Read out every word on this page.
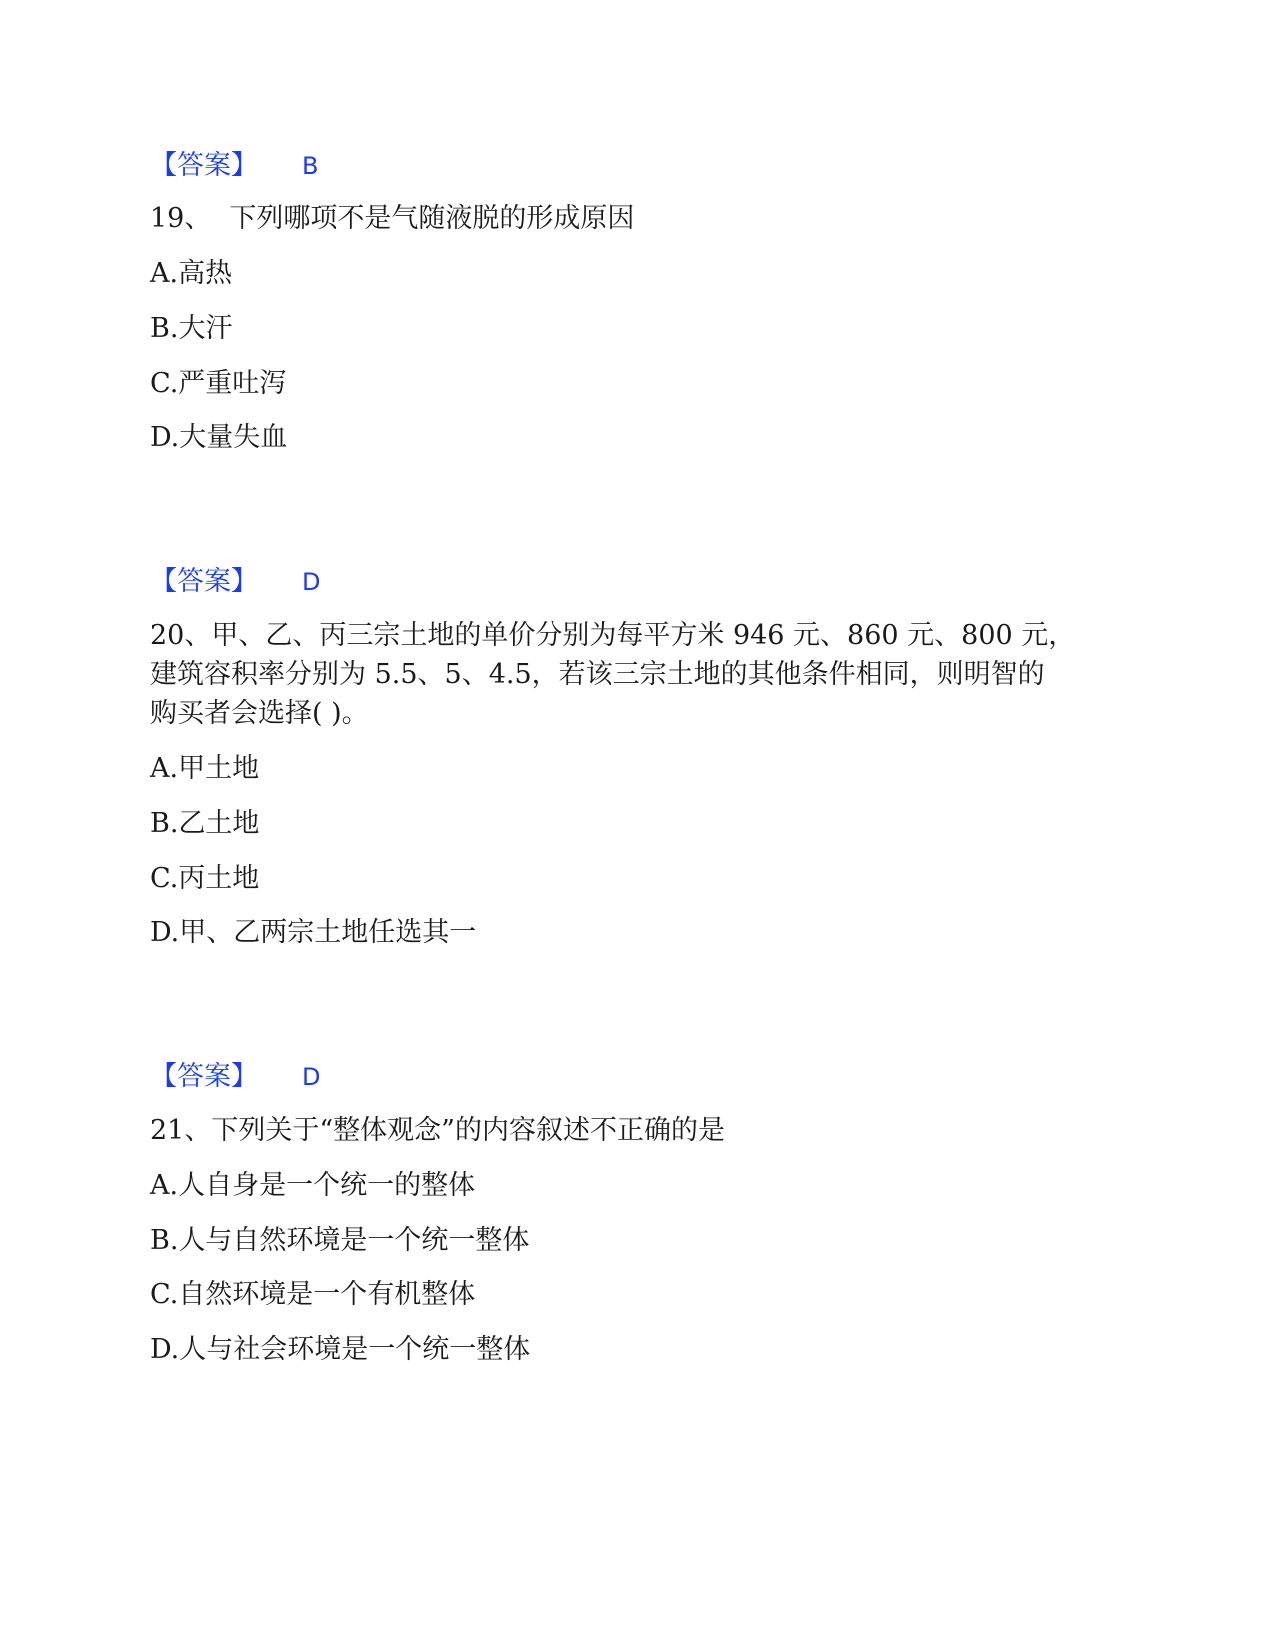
【答案】 B
19、 下列哪项不是气随液脱的形成原因
A.高热
B.大汗
C.严重吐泻
D.大量失血
【答案】 D
20、甲、乙、丙三宗土地的单价分别为每平方米 946 元、860 元、800 元，
建筑容积率分别为 5.5、5、4.5，若该三宗土地的其他条件相同，则明智的
购买者会选择( )。
A.甲土地
B.乙土地
C.丙土地
D.甲、乙两宗土地任选其一
【答案】 D
21、下列关于“整体观念”的内容叙述不正确的是
A.人自身是一个统一的整体
B.人与自然环境是一个统一整体
C.自然环境是一个有机整体
D.人与社会环境是一个统一整体
